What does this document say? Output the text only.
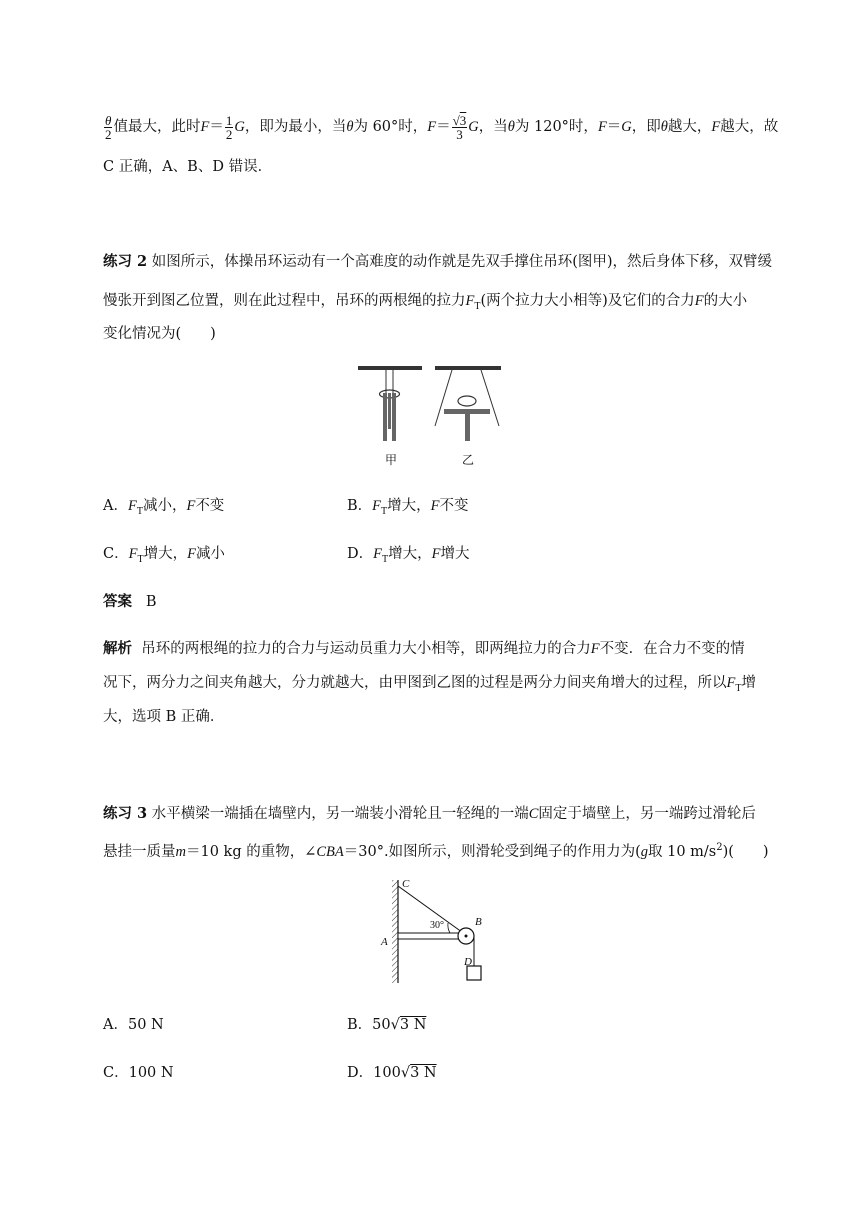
$\frac{\theta}{2}$ 值最大，此时 $F = \frac{1}{2}$ G ，即为最小，当 θ 为 60°时， $F = \frac{√3}{3}$ G ，当 θ 为 120°时， F ＝ G ，即 θ 越大， F 越大，故
C 正确，A、B、D 错误．
练习 2 如图所示，体操吊环运动有一个高难度的动作就是先双手撑住吊环(图甲)，然后身体下移，双臂缓
慢张开到图乙位置，则在此过程中，吊环的两根绳的拉力$F_T$(两个拉力大小相等)及它们的合力F的大小
变化情况为(　　)
甲	乙
A．$F_T$减小，F不变	B．$F_T$增大，F不变
C．$F_T$增大，F减小	D．$F_T$增大，F增大
答案 B
解析 吊环的两根绳的拉力的合力与运动员重力大小相等，即两绳拉力的合力F不变．在合力不变的情
况下，两分力之间夹角越大，分力就越大，由甲图到乙图的过程是两分力间夹角增大的过程，所以$F_T$增
大，选项 B 正确．
练习 3 水平横梁一端插在墙壁内，另一端装小滑轮且一轻绳的一端C固定于墙壁上，另一端跨过滑轮后
悬挂一质量m＝10 kg 的重物，∠CBA＝30°.如图所示，则滑轮受到绳子的作用力为(g取 10 $m/s^2$)(　　)
C
30°	B
A
D
A．50 N	B．50√3 N
C．100 N	D．100√3 N
